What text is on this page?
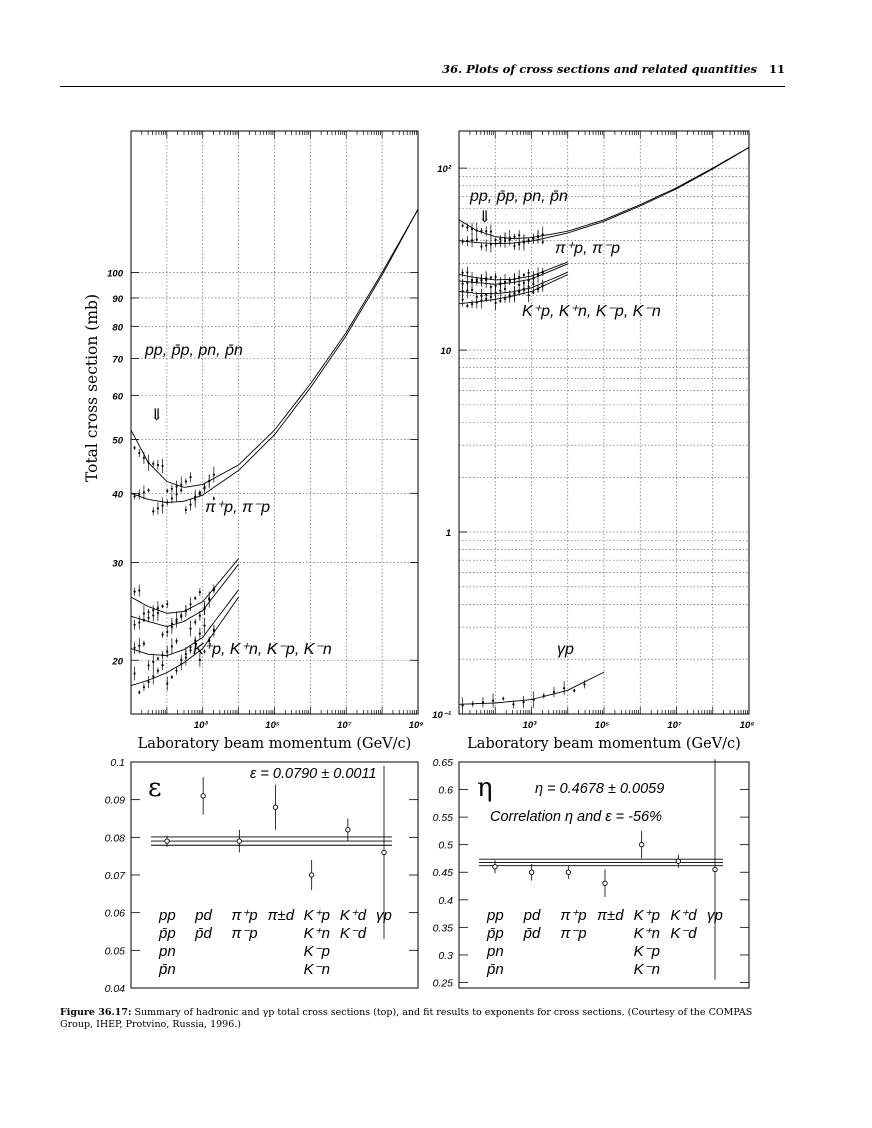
36. Plots of cross sections and related quantities 11
10³	10⁵	10⁷	10⁹
Laboratory beam momentum (GeV/c)
20
30
40
50
60
70
80
90
100
Total cross section (mb)	pp, p̄p, pn, p̄n
π⁺p, π⁻p
K⁺p, K⁺n, K⁻p, K⁻n
⇓
10³	10⁵	10⁷	10⁹
Laboratory beam momentum (GeV/c)
10⁻¹
1
10
10²
pp, p̄p, pn, p̄n
π⁺p, π⁻p
K⁺p, K⁺n, K⁻p, K⁻n
γp
⇓
0.1
0.09
0.08
0.07
0.06
0.05
0.04
pp
p̄p
pn
p̄n
pd
p̄d
π⁺p
π⁻p
π±d K⁺p
K⁺n
K⁻p
K⁻n
K⁺d
K⁻d
γp
ε	ε = 0.0790 ± 0.0011
0.65
0.6
0.55
0.5
0.45
0.4
0.35
0.3
0.25
pp
p̄p
pn
p̄n
pd
p̄d
π⁺p
π⁻p
π±d K⁺p
K⁺n
K⁻p
K⁻n
K⁺d
K⁻d
γp
η	η = 0.4678 ± 0.0059
Correlation η and ε = -56%
Figure 36.17: Summary of hadronic and γp total cross sections (top), and fit results to exponents for cross sections. (Courtesy of the COMPAS Group, IHEP, Protvino, Russia, 1996.)
